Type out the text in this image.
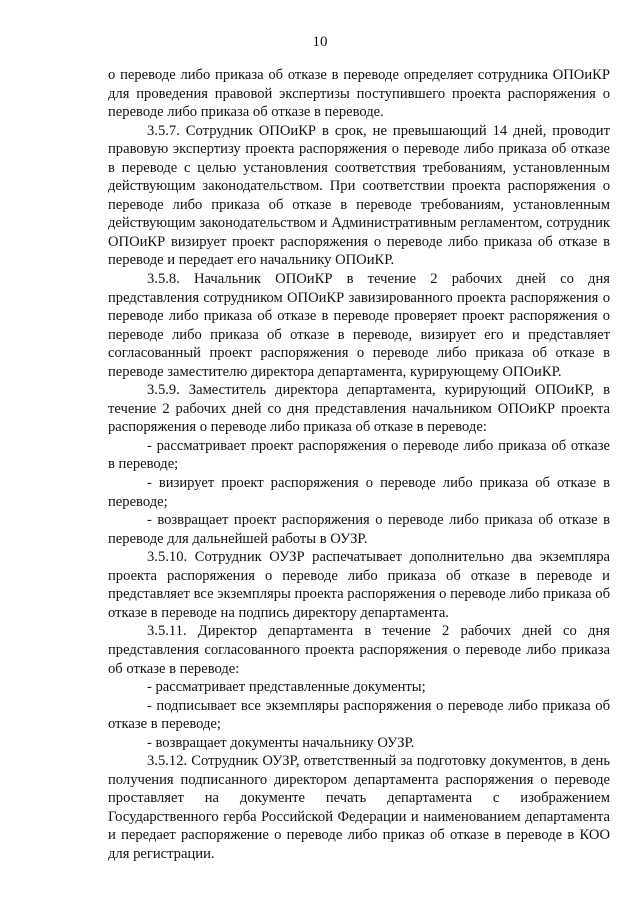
10

о переводе либо приказа об отказе в переводе определяет сотрудника ОПОиКР для проведения правовой экспертизы поступившего проекта распоряжения о переводе либо приказа об отказе в переводе.

3.5.7. Сотрудник ОПОиКР в срок, не превышающий 14 дней, проводит правовую экспертизу проекта распоряжения о переводе либо приказа об отказе в переводе с целью установления соответствия требованиям, установленным действующим законодательством. При соответствии проекта распоряжения о переводе либо приказа об отказе в переводе требованиям, установленным действующим законодательством и Административным регламентом, сотрудник ОПОиКР визирует проект распоряжения о переводе либо приказа об отказе в переводе и передает его начальнику ОПОиКР.

3.5.8. Начальник ОПОиКР в течение 2 рабочих дней со дня представления сотрудником ОПОиКР завизированного проекта распоряжения о переводе либо приказа об отказе в переводе проверяет проект распоряжения о переводе либо приказа об отказе в переводе, визирует его и представляет согласованный проект распоряжения о переводе либо приказа об отказе в переводе заместителю директора департамента, курирующему ОПОиКР.

3.5.9. Заместитель директора департамента, курирующий ОПОиКР, в течение 2 рабочих дней со дня представления начальником ОПОиКР проекта распоряжения о переводе либо приказа об отказе в переводе:

- рассматривает проект распоряжения о переводе либо приказа об отказе в переводе;

- визирует проект распоряжения о переводе либо приказа об отказе в переводе;

- возвращает проект распоряжения о переводе либо приказа об отказе в переводе для дальнейшей работы в ОУЗР.

3.5.10. Сотрудник ОУЗР распечатывает дополнительно два экземпляра проекта распоряжения о переводе либо приказа об отказе в переводе и представляет все экземпляры проекта распоряжения о переводе либо приказа об отказе в переводе на подпись директору департамента.

3.5.11. Директор департамента в течение 2 рабочих дней со дня представления согласованного проекта распоряжения о переводе либо приказа об отказе в переводе:

- рассматривает представленные документы;

- подписывает все экземпляры распоряжения о переводе либо приказа об отказе в переводе;

- возвращает документы начальнику ОУЗР.

3.5.12. Сотрудник ОУЗР, ответственный за подготовку документов, в день получения подписанного директором департамента распоряжения о переводе проставляет на документе печать департамента с изображением Государственного герба Российской Федерации и наименованием департамента и передает распоряжение о переводе либо приказ об отказе в переводе в КОО для регистрации.
